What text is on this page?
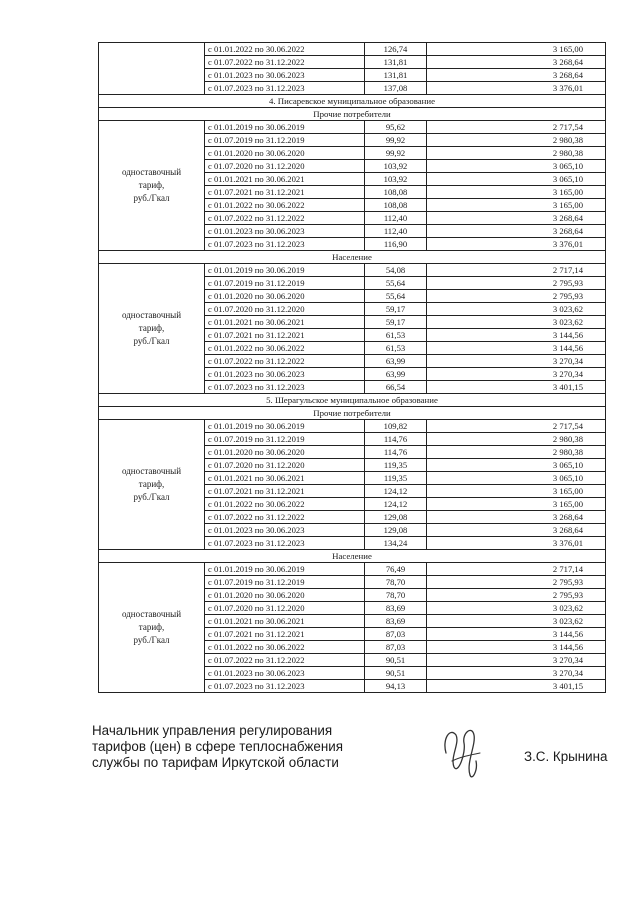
	с 01.01.2022 по 30.06.2022	126,74	3 165,00
	с 01.07.2022 по 31.12.2022	131,81	3 268,64
	с 01.01.2023 по 30.06.2023	131,81	3 268,64
	с 01.07.2023 по 31.12.2023	137,08	3 376,01
4. Писаревское муниципальное образование			
Прочие потребители			

одноставочный
тариф,
руб./Гкал	с 01.01.2019 по 30.06.2019	95,62	2 717,54
	с 01.07.2019 по 31.12.2019	99,92	2 980,38
	с 01.01.2020 по 30.06.2020	99,92	2 980,38
	с 01.07.2020 по 31.12.2020	103,92	3 065,10
	с 01.01.2021 по 30.06.2021	103,92	3 065,10
	с 01.07.2021 по 31.12.2021	108,08	3 165,00
	с 01.01.2022 по 30.06.2022	108,08	3 165,00
	с 01.07.2022 по 31.12.2022	112,40	3 268,64
	с 01.01.2023 по 30.06.2023	112,40	3 268,64
	с 01.07.2023 по 31.12.2023	116,90	3 376,01
Население			

одноставочный
тариф,
руб./Гкал	с 01.01.2019 по 30.06.2019	54,08	2 717,14
	с 01.07.2019 по 31.12.2019	55,64	2 795,93
	с 01.01.2020 по 30.06.2020	55,64	2 795,93
	с 01.07.2020 по 31.12.2020	59,17	3 023,62
	с 01.01.2021 по 30.06.2021	59,17	3 023,62
	с 01.07.2021 по 31.12.2021	61,53	3 144,56
	с 01.01.2022 по 30.06.2022	61,53	3 144,56
	с 01.07.2022 по 31.12.2022	63,99	3 270,34
	с 01.01.2023 по 30.06.2023	63,99	3 270,34
	с 01.07.2023 по 31.12.2023	66,54	3 401,15
5. Шерагульское муниципальное образование			
Прочие потребители			

одноставочный
тариф,
руб./Гкал	с 01.01.2019 по 30.06.2019	109,82	2 717,54
	с 01.07.2019 по 31.12.2019	114,76	2 980,38
	с 01.01.2020 по 30.06.2020	114,76	2 980,38
	с 01.07.2020 по 31.12.2020	119,35	3 065,10
	с 01.01.2021 по 30.06.2021	119,35	3 065,10
	с 01.07.2021 по 31.12.2021	124,12	3 165,00
	с 01.01.2022 по 30.06.2022	124,12	3 165,00
	с 01.07.2022 по 31.12.2022	129,08	3 268,64
	с 01.01.2023 по 30.06.2023	129,08	3 268,64
	с 01.07.2023 по 31.12.2023	134,24	3 376,01
Население			

одноставочный
тариф,
руб./Гкал	с 01.01.2019 по 30.06.2019	76,49	2 717,14
	с 01.07.2019 по 31.12.2019	78,70	2 795,93
	с 01.01.2020 по 30.06.2020	78,70	2 795,93
	с 01.07.2020 по 31.12.2020	83,69	3 023,62
	с 01.01.2021 по 30.06.2021	83,69	3 023,62
	с 01.07.2021 по 31.12.2021	87,03	3 144,56
	с 01.01.2022 по 30.06.2022	87,03	3 144,56
	с 01.07.2022 по 31.12.2022	90,51	3 270,34
	с 01.01.2023 по 30.06.2023	90,51	3 270,34
	с 01.07.2023 по 31.12.2023	94,13	3 401,15
Начальник управления регулирования
тарифов (цен) в сфере теплоснабжения
службы по тарифам Иркутской области	З.С. Крынина
